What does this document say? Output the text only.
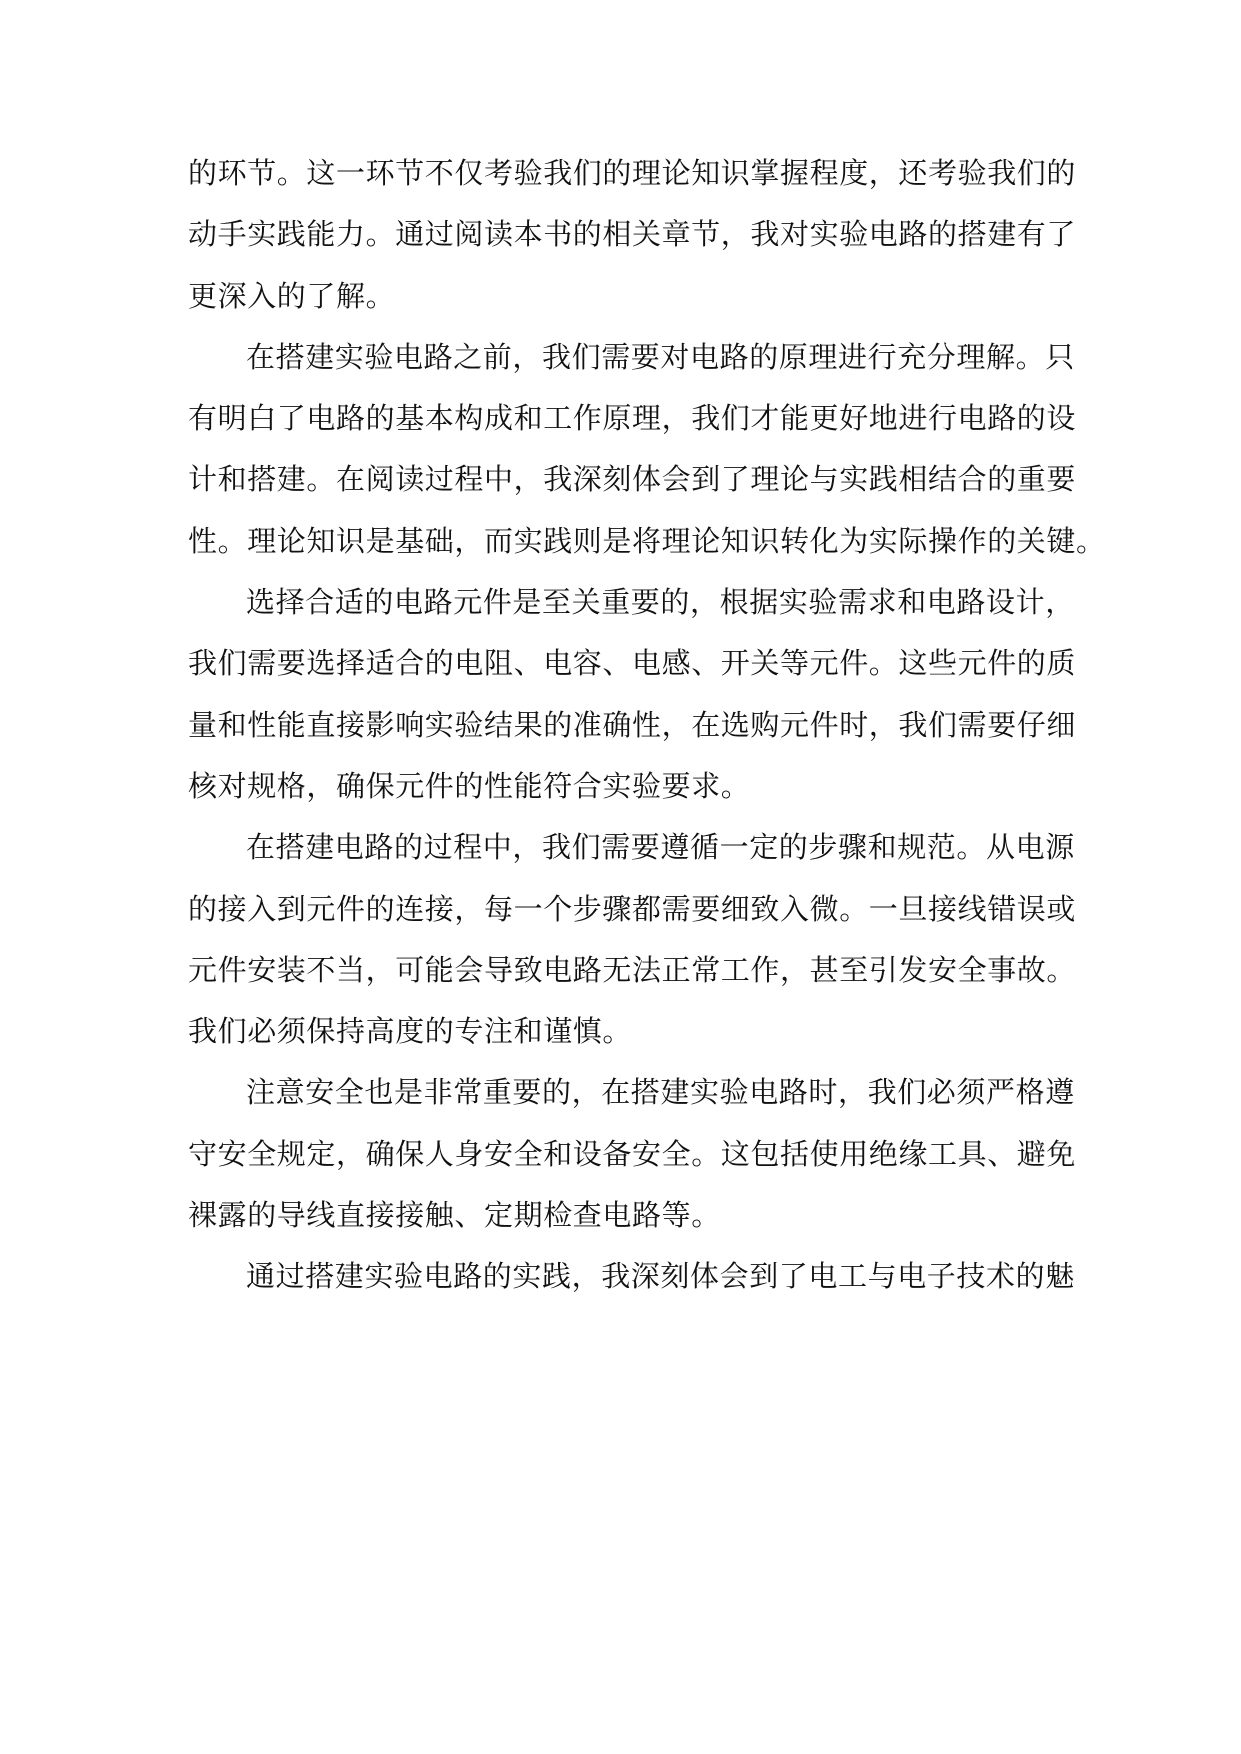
的环节。这一环节不仅考验我们的理论知识掌握程度，还考验我们的
动手实践能力。通过阅读本书的相关章节，我对实验电路的搭建有了
更深入的了解。
在搭建实验电路之前，我们需要对电路的原理进行充分理解。只
有明白了电路的基本构成和工作原理，我们才能更好地进行电路的设
计和搭建。在阅读过程中，我深刻体会到了理论与实践相结合的重要
性。理论知识是基础，而实践则是将理论知识转化为实际操作的关键。
选择合适的电路元件是至关重要的，根据实验需求和电路设计，
我们需要选择适合的电阻、电容、电感、开关等元件。这些元件的质
量和性能直接影响实验结果的准确性，在选购元件时，我们需要仔细
核对规格，确保元件的性能符合实验要求。
在搭建电路的过程中，我们需要遵循一定的步骤和规范。从电源
的接入到元件的连接，每一个步骤都需要细致入微。一旦接线错误或
元件安装不当，可能会导致电路无法正常工作，甚至引发安全事故。
我们必须保持高度的专注和谨慎。
注意安全也是非常重要的，在搭建实验电路时，我们必须严格遵
守安全规定，确保人身安全和设备安全。这包括使用绝缘工具、避免
裸露的导线直接接触、定期检查电路等。
通过搭建实验电路的实践，我深刻体会到了电工与电子技术的魅
